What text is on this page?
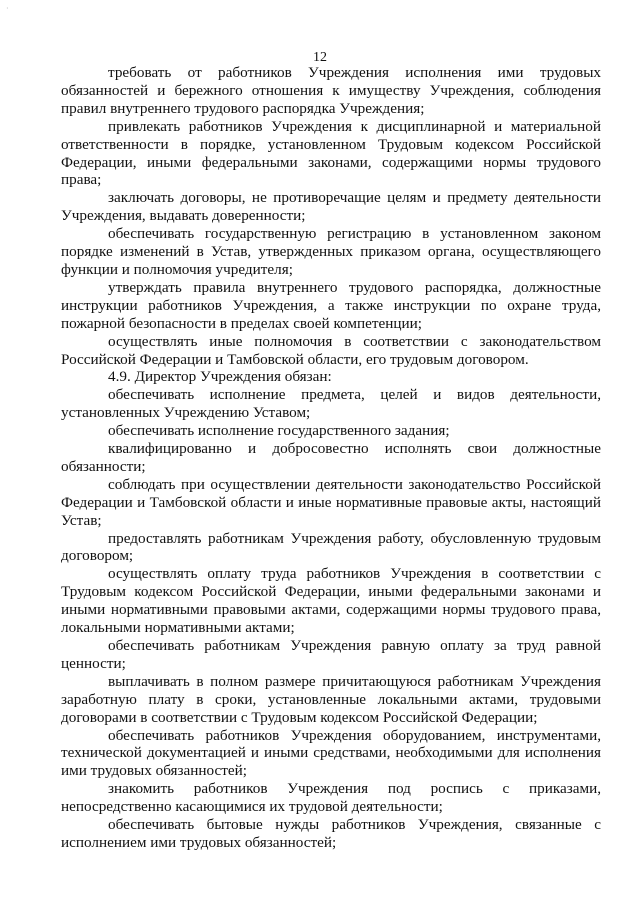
·
12

требовать от работников Учреждения исполнения ими трудовых обязанностей и бережного отношения к имуществу Учреждения, соблюдения правил внутреннего трудового распорядка Учреждения;

привлекать работников Учреждения к дисциплинарной и материальной ответственности в порядке, установленном Трудовым кодексом Российской Федерации, иными федеральными законами, содержащими нормы трудового права;

заключать договоры, не противоречащие целям и предмету деятельности Учреждения, выдавать доверенности;

обеспечивать государственную регистрацию в установленном законом порядке изменений в Устав, утвержденных приказом органа, осуществляющего функции и полномочия учредителя;

утверждать правила внутреннего трудового распорядка, должностные инструкции работников Учреждения, а также инструкции по охране труда, пожарной безопасности в пределах своей компетенции;

осуществлять иные полномочия в соответствии с законодательством Российской Федерации и Тамбовской области, его трудовым договором.

4.9. Директор Учреждения обязан:

обеспечивать исполнение предмета, целей и видов деятельности, установленных Учреждению Уставом;

обеспечивать исполнение государственного задания;

квалифицированно и добросовестно исполнять свои должностные обязанности;

соблюдать при осуществлении деятельности законодательство Российской Федерации и Тамбовской области и иные нормативные правовые акты, настоящий Устав;

предоставлять работникам Учреждения работу, обусловленную трудовым договором;

осуществлять оплату труда работников Учреждения в соответствии с Трудовым кодексом Российской Федерации, иными федеральными законами и иными нормативными правовыми актами, содержащими нормы трудового права, локальными нормативными актами;

обеспечивать работникам Учреждения равную оплату за труд равной ценности;

выплачивать в полном размере причитающуюся работникам Учреждения заработную плату в сроки, установленные локальными актами, трудовыми договорами в соответствии с Трудовым кодексом Российской Федерации;

обеспечивать работников Учреждения оборудованием, инструментами, технической документацией и иными средствами, необходимыми для исполнения ими трудовых обязанностей;

знакомить работников Учреждения под роспись с приказами, непосредственно касающимися их трудовой деятельности;

обеспечивать бытовые нужды работников Учреждения, связанные с исполнением ими трудовых обязанностей;
